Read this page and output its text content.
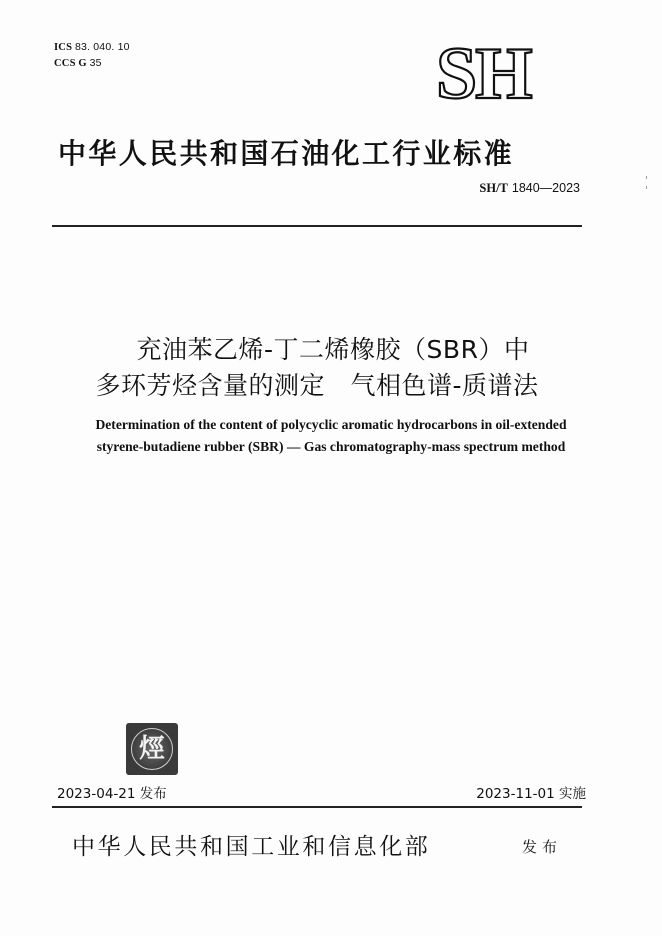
ICS 83. 040. 10
CCS G 35	SH
中华人民共和国石油化工行业标准
SH/T 1840—2023
充油苯乙烯-丁二烯橡胶（SBR）中
多环芳烃含量的测定　气相色谱-质谱法
Determination of the content of polycyclic aromatic hydrocarbons in oil-extended
styrene-butadiene rubber (SBR) — Gas chromatography-mass spectrum method
烴
2023-04-21 发布	2023-11-01 实施
中华人民共和国工业和信息化部	发布
